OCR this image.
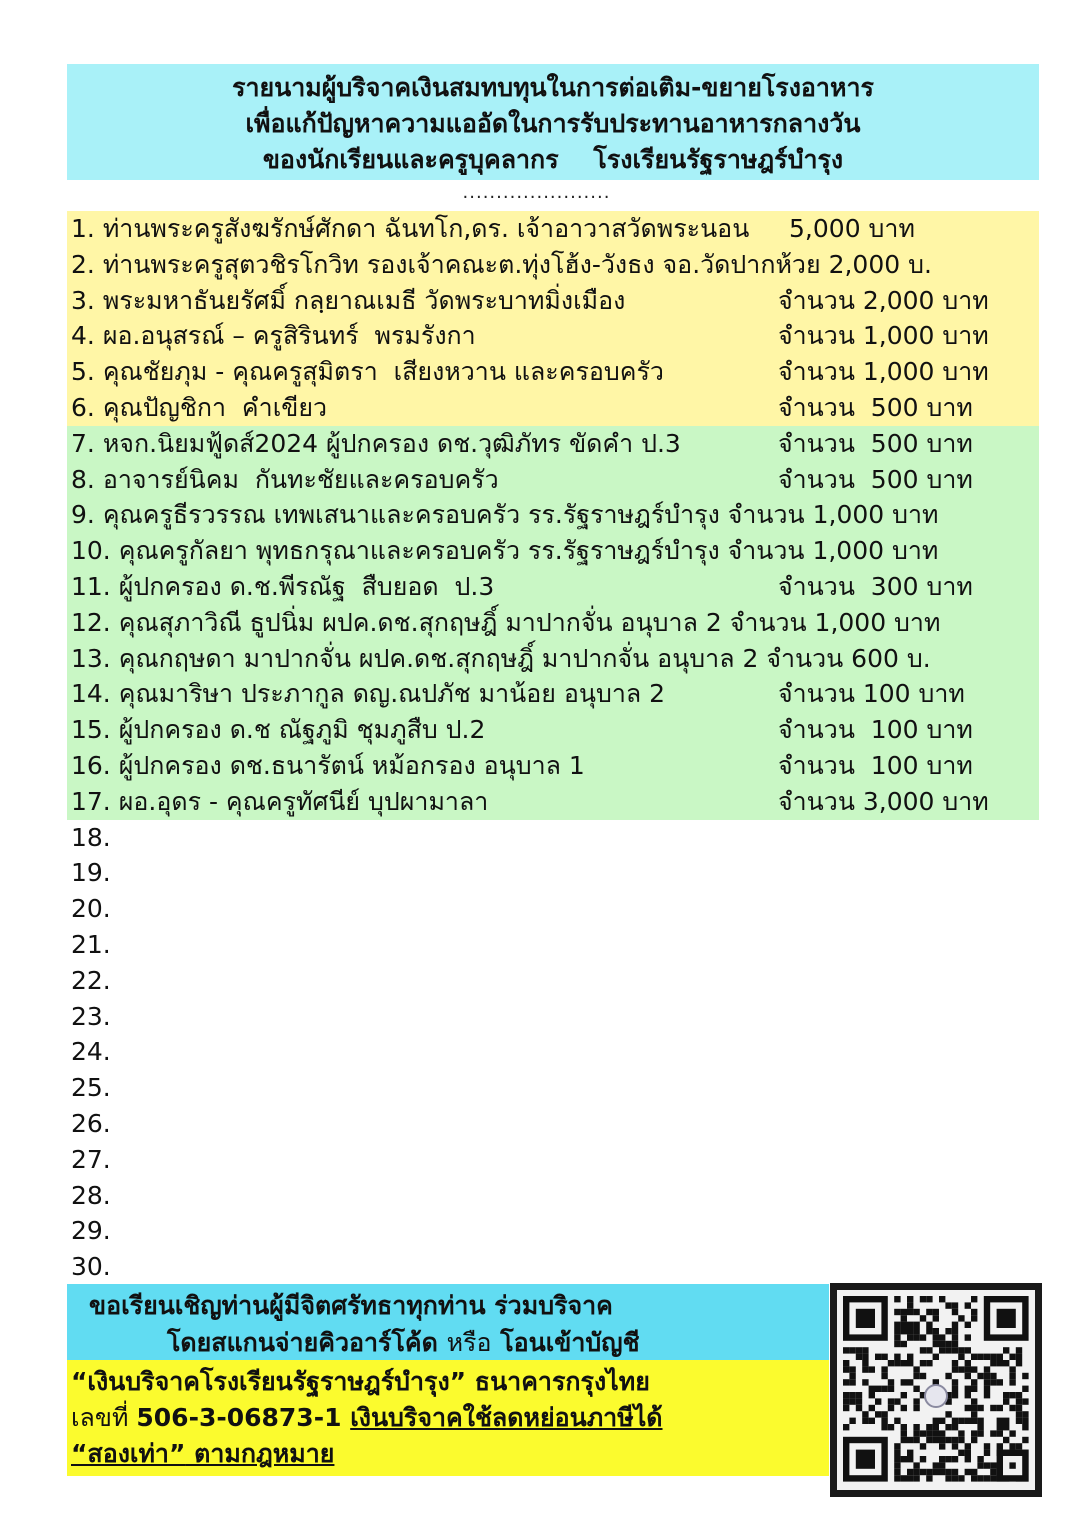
รายนามผู้บริจาคเงินสมทบทุนในการต่อเติม-ขยายโรงอาหาร
เพื่อแก้ปัญหาความแออัดในการรับประทานอาหารกลางวัน
ของนักเรียนและครูบุคลากร    โรงเรียนรัฐราษฎร์บำรุง
......................
1. ท่านพระครูสังฆรักษ์ศักดา ฉันทโก,ดร. เจ้าอาวาสวัดพระนอน     5,000 บาท
2. ท่านพระครูสุตวชิรโกวิท รองเจ้าคณะต.ทุ่งโฮ้ง-วังธง จอ.วัดปากห้วย 2,000 บ.
3. พระมหาธันยรัศมิ์ กลฺยาณเมธี วัดพระบาทมิ่งเมือง	จำนวน 2,000 บาท
4. ผอ.อนุสรณ์ – ครูสิรินทร์  พรมรังกา	จำนวน 1,000 บาท
5. คุณชัยภุม - คุณครูสุมิตรา  เสียงหวาน และครอบครัว	จำนวน 1,000 บาท
6. คุณปัญชิกา  คำเขียว	จำนวน  500 บาท
7. หจก.นิยมฟู้ดส์2024 ผู้ปกครอง ดช.วุฒิภัทร ขัดคำ ป.3	จำนวน  500 บาท
8. อาจารย์นิคม  กันทะชัยและครอบครัว	จำนวน  500 บาท
9. คุณครูธีรวรรณ เทพเสนาและครอบครัว รร.รัฐราษฎร์บำรุง จำนวน 1,000 บาท
10. คุณครูกัลยา พุทธกรุณาและครอบครัว รร.รัฐราษฎร์บำรุง จำนวน 1,000 บาท
11. ผู้ปกครอง ด.ช.พีรณัฐ  สืบยอด  ป.3	จำนวน  300 บาท
12. คุณสุภาวิณี ธูปนิ่ม ผปค.ดช.สุกฤษฎิ์ มาปากจั่น อนุบาล 2 จำนวน 1,000 บาท
13. คุณกฤษดา มาปากจั่น ผปค.ดช.สุกฤษฎิ์ มาปากจั่น อนุบาล 2 จำนวน 600 บ.
14. คุณมาริษา ประภากูล ดญ.ณปภัช มาน้อย อนุบาล 2	จำนวน 100 บาท
15. ผู้ปกครอง ด.ช ณัฐภูมิ ชุมภูสืบ ป.2	จำนวน  100 บาท
16. ผู้ปกครอง ดช.ธนารัตน์ หม้อกรอง อนุบาล 1	จำนวน  100 บาท
17. ผอ.อุดร - คุณครูทัศนีย์ บุปผามาลา	จำนวน 3,000 บาท
18.
19.
20.
21.
22.
23.
24.
25.
26.
27.
28.
29.
30.
ขอเรียนเชิญท่านผู้มีจิตศรัทธาทุกท่าน ร่วมบริจาค
โดยสแกนจ่ายคิวอาร์โค้ด หรือ โอนเข้าบัญชี
“เงินบริจาคโรงเรียนรัฐราษฎร์บำรุง” ธนาคารกรุงไทย
เลขที่ 506-3-06873-1 เงินบริจาคใช้ลดหย่อนภาษีได้
“สองเท่า” ตามกฎหมาย
